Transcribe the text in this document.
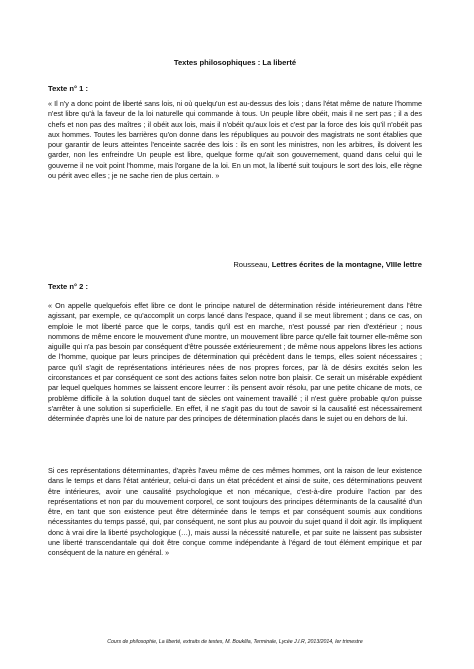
Textes philosophiques : La liberté
Texte n° 1 :

« Il n'y a donc point de liberté sans lois, ni où quelqu'un est au-dessus des lois ; dans l'état même de nature l'homme n'est libre qu'à la faveur de la loi naturelle qui commande à tous. Un peuple libre obéit, mais il ne sert pas ; il a des chefs et non pas des maîtres ; il obéit aux lois, mais il n'obéit qu'aux lois et c'est par la force des lois qu'il n'obéit pas aux hommes. Toutes les barrières qu'on donne dans les républiques au pouvoir des magistrats ne sont établies que pour garantir de leurs atteintes l'enceinte sacrée des lois : ils en sont les ministres, non les arbitres, ils doivent les garder, non les enfreindre Un peuple est libre, quelque forme qu'ait son gouvernement, quand dans celui qui le gouverne il ne voit point l'homme, mais l'organe de la loi. En un mot, la liberté suit toujours le sort des lois, elle règne ou périt avec elles ; je ne sache rien de plus certain. »

Rousseau, Lettres écrites de la montagne, VIIIe lettre
Texte n° 2 :

« On appelle quelquefois effet libre ce dont le principe naturel de détermination réside intérieurement dans l'être agissant, par exemple, ce qu'accomplit un corps lancé dans l'espace, quand il se meut librement ; dans ce cas, on emploie le mot liberté parce que le corps, tandis qu'il est en marche, n'est poussé par rien d'extérieur ; nous nommons de même encore le mouvement d'une montre, un mouvement libre parce qu'elle fait tourner elle-même son aiguille qui n'a pas besoin par conséquent d'être poussée extérieurement ; de même nous appelons libres les actions de l'homme, quoique par leurs principes de détermination qui précèdent dans le temps, elles soient nécessaires ; parce qu'il s'agit de représentations intérieures nées de nos propres forces, par là de désirs excités selon les circonstances et par conséquent ce sont des actions faites selon notre bon plaisir. Ce serait un misérable expédient par lequel quelques hommes se laissent encore leurrer : ils pensent avoir résolu, par une petite chicane de mots, ce problème difficile à la solution duquel tant de siècles ont vainement travaillé ; il n'est guère probable qu'on puisse s'arrêter à une solution si superficielle. En effet, il ne s'agit pas du tout de savoir si la causalité est nécessairement déterminée d'après une loi de nature par des principes de détermination placés dans le sujet ou en dehors de lui.

Si ces représentations déterminantes, d'après l'aveu même de ces mêmes hommes, ont la raison de leur existence dans le temps et dans l'état antérieur, celui-ci dans un état précédent et ainsi de suite, ces déterminations peuvent être intérieures, avoir une causalité psychologique et non mécanique, c'est-à-dire produire l'action par des représentations et non par du mouvement corporel, ce sont toujours des principes déterminants de la causalité d'un être, en tant que son existence peut être déterminée dans le temps et par conséquent soumis aux conditions nécessitantes du temps passé, qui, par conséquent, ne sont plus au pouvoir du sujet quand il doit agir. Ils impliquent donc à vrai dire la liberté psychologique (…), mais aussi la nécessité naturelle, et par suite ne laissent pas subsister une liberté transcendantale qui doit être conçue comme indépendante à l'égard de tout élément empirique et par conséquent de la nature en général. »

Cours de philosophie, La liberté, extraits de textes, M. Bouklila, Terminale, Lycée J.I.R, 2013/2014, Ier trimestre
